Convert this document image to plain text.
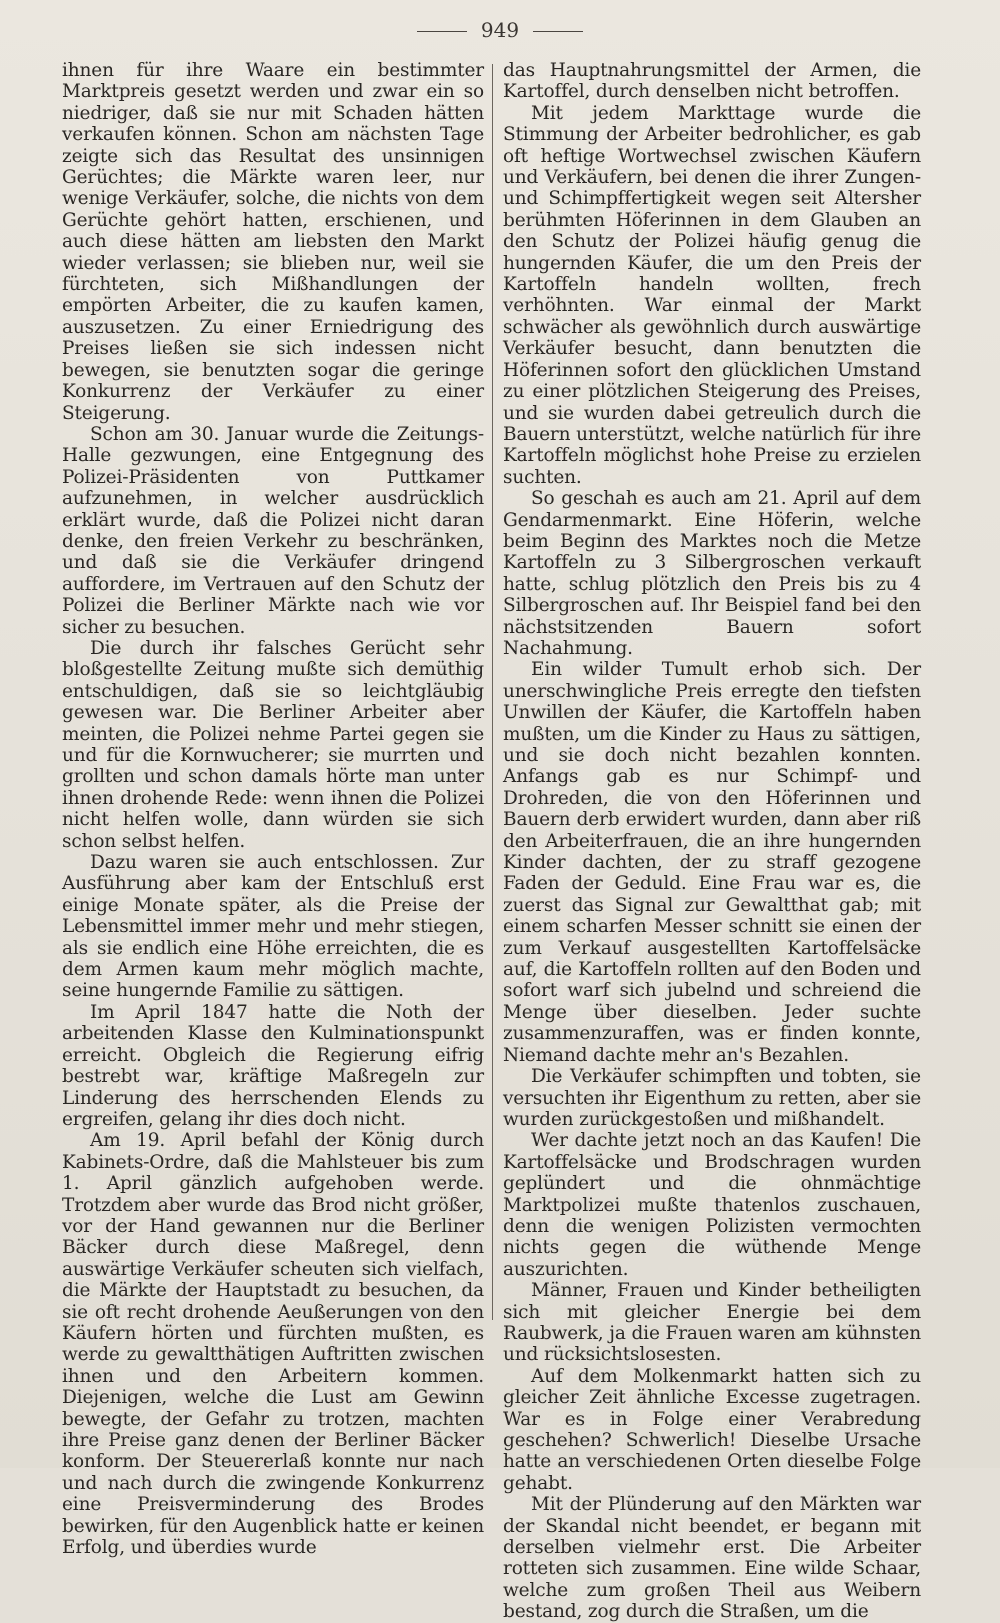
949

ihnen für ihre Waare ein bestimmter Marktpreis gesetzt werden und zwar ein so niedriger, daß sie nur mit Schaden hätten verkaufen können. Schon am nächsten Tage zeigte sich das Resultat des unsinnigen Gerüchtes; die Märkte waren leer, nur wenige Verkäufer, solche, die nichts von dem Gerüchte gehört hatten, erschienen, und auch diese hätten am liebsten den Markt wieder verlassen; sie blieben nur, weil sie fürchteten, sich Mißhandlungen der empörten Arbeiter, die zu kaufen kamen, auszusetzen. Zu einer Erniedrigung des Preises ließen sie sich indessen nicht bewegen, sie benutzten sogar die geringe Konkurrenz der Verkäufer zu einer Steigerung.

Schon am 30. Januar wurde die Zeitungs-Halle gezwungen, eine Entgegnung des Polizei-Präsidenten von Puttkamer aufzunehmen, in welcher ausdrücklich erklärt wurde, daß die Polizei nicht daran denke, den freien Verkehr zu beschränken, und daß sie die Verkäufer dringend auffordere, im Vertrauen auf den Schutz der Polizei die Berliner Märkte nach wie vor sicher zu besuchen.

Die durch ihr falsches Gerücht sehr bloßgestellte Zeitung mußte sich demüthig entschuldigen, daß sie so leichtgläubig gewesen war. Die Berliner Arbeiter aber meinten, die Polizei nehme Partei gegen sie und für die Kornwucherer; sie murrten und grollten und schon damals hörte man unter ihnen drohende Rede: wenn ihnen die Polizei nicht helfen wolle, dann würden sie sich schon selbst helfen.

Dazu waren sie auch entschlossen. Zur Ausführung aber kam der Entschluß erst einige Monate später, als die Preise der Lebensmittel immer mehr und mehr stiegen, als sie endlich eine Höhe erreichten, die es dem Armen kaum mehr möglich machte, seine hungernde Familie zu sättigen.

Im April 1847 hatte die Noth der arbeitenden Klasse den Kulminationspunkt erreicht. Obgleich die Regierung eifrig bestrebt war, kräftige Maßregeln zur Linderung des herrschenden Elends zu ergreifen, gelang ihr dies doch nicht.

Am 19. April befahl der König durch Kabinets-Ordre, daß die Mahlsteuer bis zum 1. April gänzlich aufgehoben werde. Trotzdem aber wurde das Brod nicht größer, vor der Hand gewannen nur die Berliner Bäcker durch diese Maßregel, denn auswärtige Verkäufer scheuten sich vielfach, die Märkte der Hauptstadt zu besuchen, da sie oft recht drohende Aeußerungen von den Käufern hörten und fürchten mußten, es werde zu gewaltthätigen Auftritten zwischen ihnen und den Arbeitern kommen. Diejenigen, welche die Lust am Gewinn bewegte, der Gefahr zu trotzen, machten ihre Preise ganz denen der Berliner Bäcker konform. Der Steuererlaß konnte nur nach und nach durch die zwingende Konkurrenz eine Preisverminderung des Brodes bewirken, für den Augenblick hatte er keinen Erfolg, und überdies wurde

das Hauptnahrungsmittel der Armen, die Kartoffel, durch denselben nicht betroffen.

Mit jedem Markttage wurde die Stimmung der Arbeiter bedrohlicher, es gab oft heftige Wortwechsel zwischen Käufern und Verkäufern, bei denen die ihrer Zungen- und Schimpffertigkeit wegen seit Altersher berühmten Höferinnen in dem Glauben an den Schutz der Polizei häufig genug die hungernden Käufer, die um den Preis der Kartoffeln handeln wollten, frech verhöhnten. War einmal der Markt schwächer als gewöhnlich durch auswärtige Verkäufer besucht, dann benutzten die Höferinnen sofort den glücklichen Umstand zu einer plötzlichen Steigerung des Preises, und sie wurden dabei getreulich durch die Bauern unterstützt, welche natürlich für ihre Kartoffeln möglichst hohe Preise zu erzielen suchten.

So geschah es auch am 21. April auf dem Gendarmenmarkt. Eine Höferin, welche beim Beginn des Marktes noch die Metze Kartoffeln zu 3 Silbergroschen verkauft hatte, schlug plötzlich den Preis bis zu 4 Silbergroschen auf. Ihr Beispiel fand bei den nächstsitzenden Bauern sofort Nachahmung.

Ein wilder Tumult erhob sich. Der unerschwingliche Preis erregte den tiefsten Unwillen der Käufer, die Kartoffeln haben mußten, um die Kinder zu Haus zu sättigen, und sie doch nicht bezahlen konnten. Anfangs gab es nur Schimpf- und Drohreden, die von den Höferinnen und Bauern derb erwidert wurden, dann aber riß den Arbeiterfrauen, die an ihre hungernden Kinder dachten, der zu straff gezogene Faden der Geduld. Eine Frau war es, die zuerst das Signal zur Gewaltthat gab; mit einem scharfen Messer schnitt sie einen der zum Verkauf ausgestellten Kartoffelsäcke auf, die Kartoffeln rollten auf den Boden und sofort warf sich jubelnd und schreiend die Menge über dieselben. Jeder suchte zusammenzuraffen, was er finden konnte, Niemand dachte mehr an's Bezahlen.

Die Verkäufer schimpften und tobten, sie versuchten ihr Eigenthum zu retten, aber sie wurden zurückgestoßen und mißhandelt.

Wer dachte jetzt noch an das Kaufen! Die Kartoffelsäcke und Brodschragen wurden geplündert und die ohnmächtige Marktpolizei mußte thatenlos zuschauen, denn die wenigen Polizisten vermochten nichts gegen die wüthende Menge auszurichten.

Männer, Frauen und Kinder betheiligten sich mit gleicher Energie bei dem Raubwerk, ja die Frauen waren am kühnsten und rücksichtslosesten.

Auf dem Molkenmarkt hatten sich zu gleicher Zeit ähnliche Excesse zugetragen. War es in Folge einer Verabredung geschehen? Schwerlich! Dieselbe Ursache hatte an verschiedenen Orten dieselbe Folge gehabt.

Mit der Plünderung auf den Märkten war der Skandal nicht beendet, er begann mit derselben vielmehr erst. Die Arbeiter rotteten sich zusammen. Eine wilde Schaar, welche zum großen Theil aus Weibern bestand, zog durch die Straßen, um die
